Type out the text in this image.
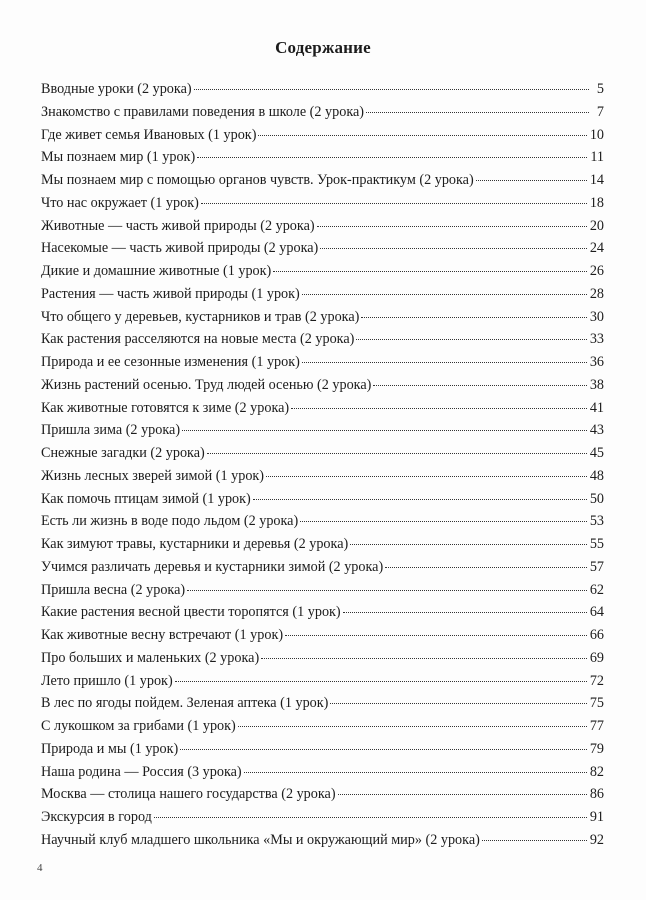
Содержание
Вводные уроки (2 урока)	5
Знакомство с правилами поведения в школе (2 урока)	7
Где живет семья Ивановых (1 урок)	10
Мы познаем мир (1 урок)	11
Мы познаем мир с помощью органов чувств. Урок-практикум (2 урока)	14
Что нас окружает (1 урок)	18
Животные — часть живой природы (2 урока)	20
Насекомые — часть живой природы (2 урока)	24
Дикие и домашние животные (1 урок)	26
Растения — часть живой природы (1 урок)	28
Что общего у деревьев, кустарников и трав (2 урока)	30
Как растения расселяются на новые места (2 урока)	33
Природа и ее сезонные изменения (1 урок)	36
Жизнь растений осенью. Труд людей осенью (2 урока)	38
Как животные готовятся к зиме (2 урока)	41
Пришла зима (2 урока)	43
Снежные загадки (2 урока)	45
Жизнь лесных зверей зимой (1 урок)	48
Как помочь птицам зимой (1 урок)	50
Есть ли жизнь в воде подо льдом (2 урока)	53
Как зимуют травы, кустарники и деревья (2 урока)	55
Учимся различать деревья и кустарники зимой (2 урока)	57
Пришла весна (2 урока)	62
Какие растения весной цвести торопятся (1 урок)	64
Как животные весну встречают (1 урок)	66
Про больших и маленьких (2 урока)	69
Лето пришло (1 урок)	72
В лес по ягоды пойдем. Зеленая аптека (1 урок)	75
С лукошком за грибами (1 урок)	77
Природа и мы (1 урок)	79
Наша родина — Россия (3 урока)	82
Москва — столица нашего государства (2 урока)	86
Экскурсия в город	91
Научный клуб младшего школьника «Мы и окружающий мир» (2 урока)	92
4
